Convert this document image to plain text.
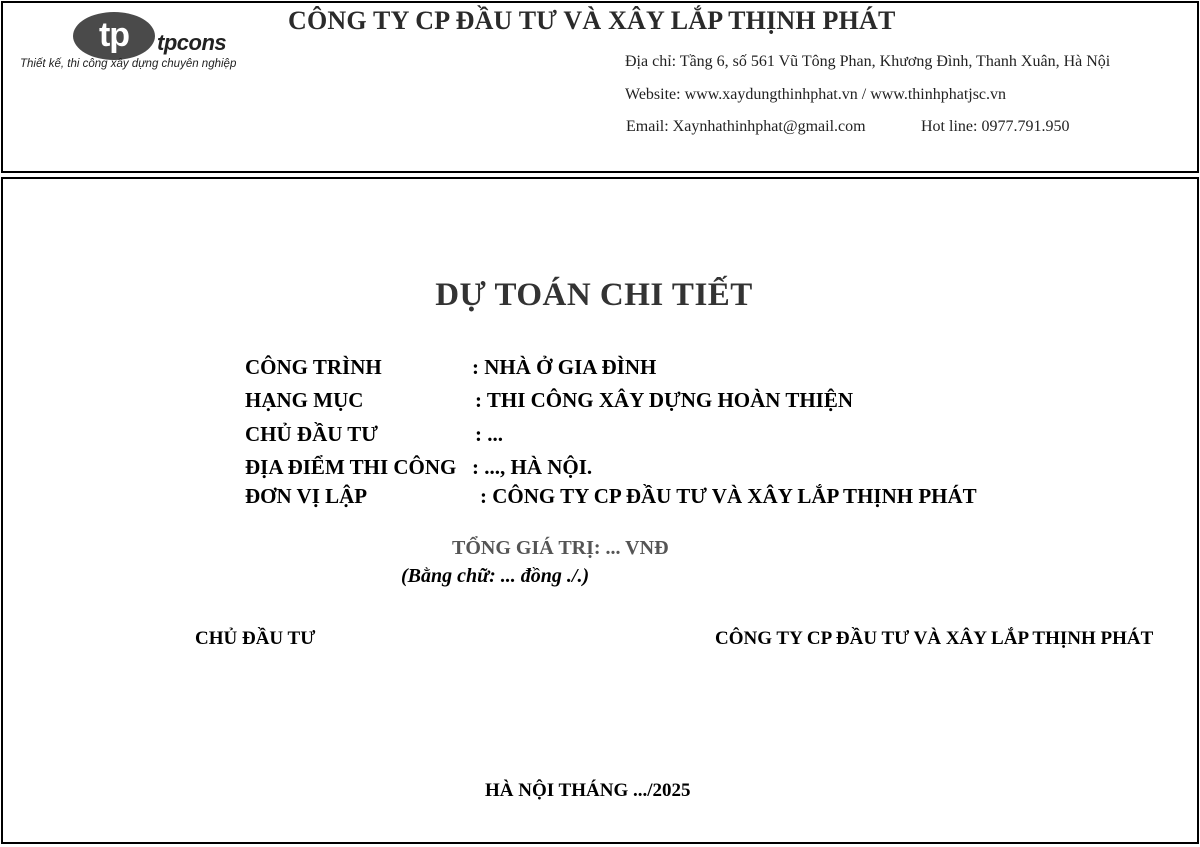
tp	tpcons
Thiết kế, thi công xây dựng chuyên nghiệp
CÔNG TY CP ĐẦU TƯ VÀ XÂY LẮP THỊNH PHÁT
Địa chỉ: Tầng 6, số 561 Vũ Tông Phan, Khương Đình, Thanh Xuân, Hà Nội
Website: www.xaydungthinhphat.vn / www.thinhphatjsc.vn
Email: Xaynhathinhphat@gmail.com	Hot line: 0977.791.950
DỰ TOÁN CHI TIẾT
CÔNG TRÌNH	: NHÀ Ở GIA ĐÌNH
HẠNG MỤC	: THI CÔNG XÂY DỰNG HOÀN THIỆN
CHỦ ĐẦU TƯ	: ...
ĐỊA ĐIỂM THI CÔNG : ..., HÀ NỘI.
ĐƠN VỊ LẬP	: CÔNG TY CP ĐẦU TƯ VÀ XÂY LẮP THỊNH PHÁT
TỔNG GIÁ TRỊ: ... VNĐ
(Bằng chữ: ... đồng ./.)
CHỦ ĐẦU TƯ	CÔNG TY CP ĐẦU TƯ VÀ XÂY LẮP THỊNH PHÁT
HÀ NỘI THÁNG .../2025
